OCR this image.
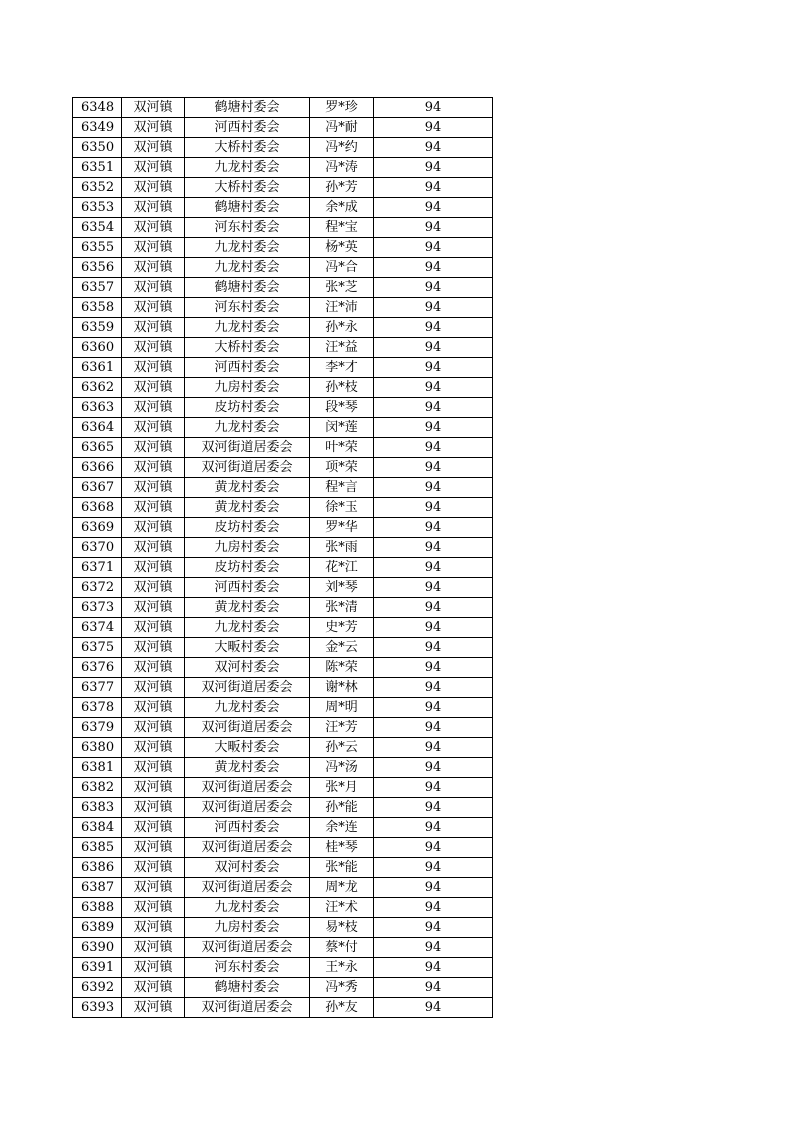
6348	双河镇	鹤塘村委会	罗*珍	94
6349	双河镇	河西村委会	冯*耐	94
6350	双河镇	大桥村委会	冯*约	94
6351	双河镇	九龙村委会	冯*涛	94
6352	双河镇	大桥村委会	孙*芳	94
6353	双河镇	鹤塘村委会	余*成	94
6354	双河镇	河东村委会	程*宝	94
6355	双河镇	九龙村委会	杨*英	94
6356	双河镇	九龙村委会	冯*合	94
6357	双河镇	鹤塘村委会	张*芝	94
6358	双河镇	河东村委会	汪*沛	94
6359	双河镇	九龙村委会	孙*永	94
6360	双河镇	大桥村委会	汪*益	94
6361	双河镇	河西村委会	李*才	94
6362	双河镇	九房村委会	孙*枝	94
6363	双河镇	皮坊村委会	段*琴	94
6364	双河镇	九龙村委会	闵*莲	94
6365	双河镇	双河街道居委会	叶*荣	94
6366	双河镇	双河街道居委会	项*荣	94
6367	双河镇	黄龙村委会	程*言	94
6368	双河镇	黄龙村委会	徐*玉	94
6369	双河镇	皮坊村委会	罗*华	94
6370	双河镇	九房村委会	张*雨	94
6371	双河镇	皮坊村委会	花*江	94
6372	双河镇	河西村委会	刘*琴	94
6373	双河镇	黄龙村委会	张*清	94
6374	双河镇	九龙村委会	史*芳	94
6375	双河镇	大畈村委会	金*云	94
6376	双河镇	双河村委会	陈*荣	94
6377	双河镇	双河街道居委会	谢*林	94
6378	双河镇	九龙村委会	周*明	94
6379	双河镇	双河街道居委会	汪*芳	94
6380	双河镇	大畈村委会	孙*云	94
6381	双河镇	黄龙村委会	冯*汤	94
6382	双河镇	双河街道居委会	张*月	94
6383	双河镇	双河街道居委会	孙*能	94
6384	双河镇	河西村委会	余*连	94
6385	双河镇	双河街道居委会	桂*琴	94
6386	双河镇	双河村委会	张*能	94
6387	双河镇	双河街道居委会	周*龙	94
6388	双河镇	九龙村委会	汪*术	94
6389	双河镇	九房村委会	易*枝	94
6390	双河镇	双河街道居委会	蔡*付	94
6391	双河镇	河东村委会	王*永	94
6392	双河镇	鹤塘村委会	冯*秀	94
6393	双河镇	双河街道居委会	孙*友	94
